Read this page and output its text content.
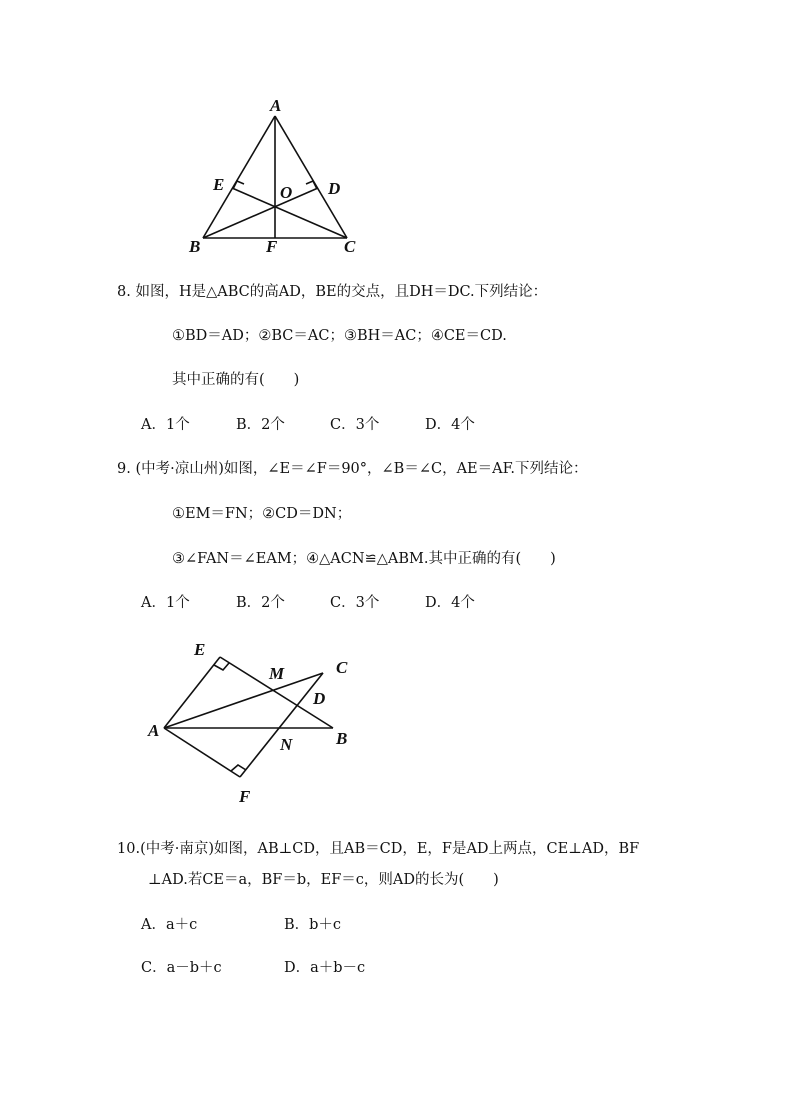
A
E	O D
B	F	C
8. 如图，H是△ABC的高AD，BE的交点，且DH＝DC.下列结论：
①BD＝AD；②BC＝AC；③BH＝AC；④CE＝CD.
其中正确的有(　　)
A．1个	B．2个	C．3个	D．4个
9. (中考·凉山州)如图，∠E＝∠F＝90°，∠B＝∠C，AE＝AF.下列结论：
①EM＝FN；②CD＝DN；
③∠FAN＝∠EAM；④△ACN≌△ABM.其中正确的有(　　)
A．1个	B．2个	C．3个	D．4个
E
M	C
D
A
N	B
F
10.(中考·南京)如图，AB⊥CD，且AB＝CD，E，F是AD上两点，CE⊥AD，BF
⊥AD.若CE＝a，BF＝b，EF＝c，则AD的长为(　　)
A．a＋c	B．b＋c
C．a－b＋c	D．a＋b－c
